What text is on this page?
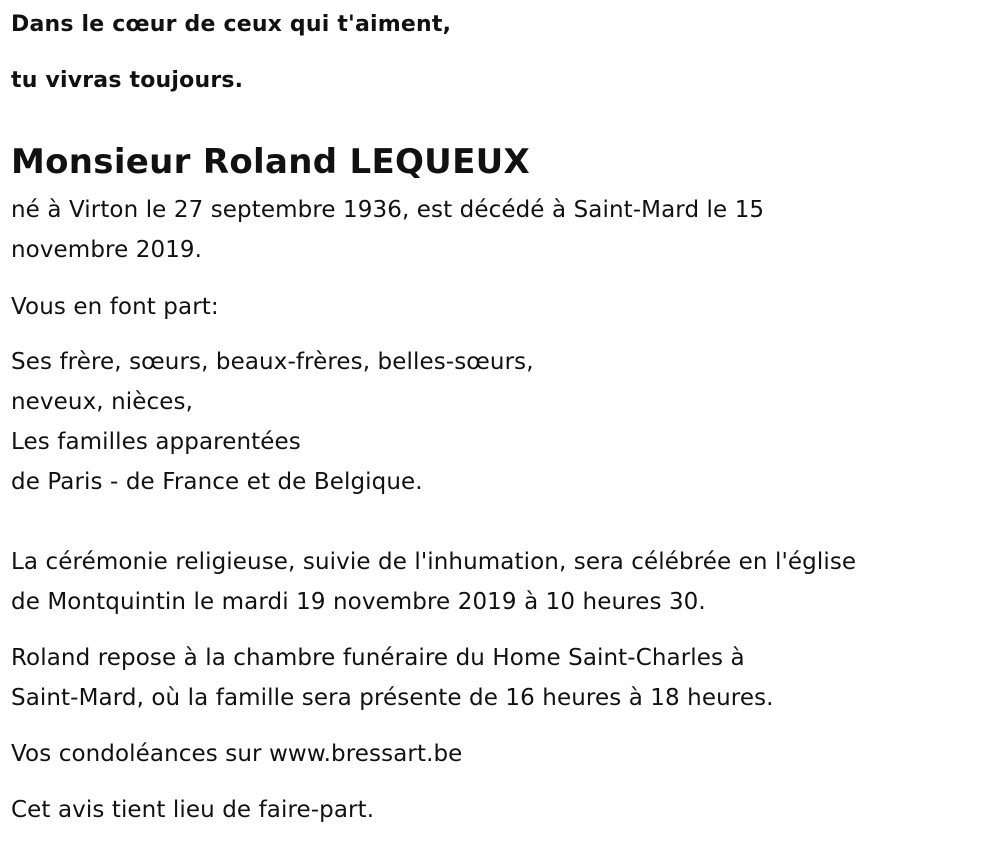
Dans le cœur de ceux qui t'aiment,

tu vivras toujours.

Monsieur Roland LEQUEUX

né à Virton le 27 septembre 1936, est décédé à Saint-Mard le 15

novembre 2019.

Vous en font part:

Ses frère, sœurs, beaux-frères, belles-sœurs,

neveux, nièces,

Les familles apparentées

de Paris - de France et de Belgique.

La cérémonie religieuse, suivie de l'inhumation, sera célébrée en l'église

de Montquintin le mardi 19 novembre 2019 à 10 heures 30.

Roland repose à la chambre funéraire du Home Saint-Charles à

Saint-Mard, où la famille sera présente de 16 heures à 18 heures.

Vos condoléances sur www.bressart.be

Cet avis tient lieu de faire-part.
